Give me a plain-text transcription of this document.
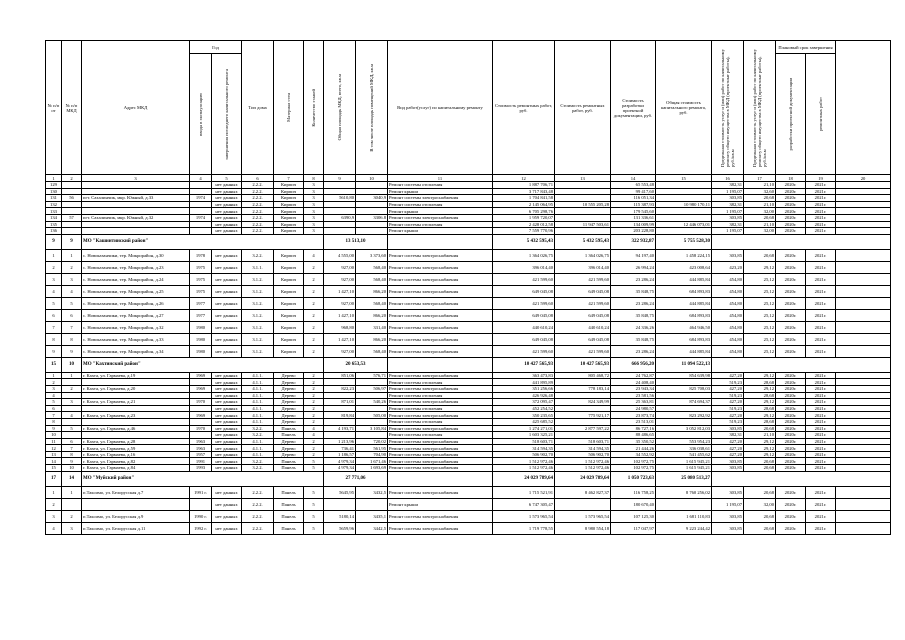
№ п/п от	№ п/п МКД	Адрес МКД	Год		Тип дома	Материал стен	Количество этажей	Общая площадь МКД, всего, кв.м	В том числе площадь помещений МКД, кв.м	Вид работ(услуг) по капитальному ремонту	Стоимость ремонтных работ, руб.	Стоимость ремонтных работ, руб.	Стоимость разработки проектной документации, руб.	Общая стоимость капитального ремонта, руб.	Предельная стоимость услуг и (или) работ по капитальному ремонту общего имущества в МКД (проектные работы), руб./кв.м	Предельная стоимость услуг и (или) работ по капитальному ремонту общего имущества в МКД (проектные работы), руб./кв.м	Плановый срок завершения		

			ввода в эксплуатацию	завершения последнего капитального ремонта													разработки проектной документации	ремонтных работ	

1	2	3	4	5	6	7	8	9	10	11	12	13	14	15	16	17	18	19	20
129				нет данных	2.2.2.	Кирпич	3			Ремонт системы отопления	1 887 706,71		65 553,48		382,31	21,10	2020г.	2021г.	
130				нет данных	2.2.2.	Кирпич	3			Ремонт крыши	3 717 843,48		99 417,60		1 195,07	32,60	2020г.	2021г.	
131	56	пгт. Сахалинчик, мкр. Южный, д.33	1974	нет данных	2.2.2.	Кирпич	3	5610,80	3040,9	Ремонт системы электроснабжения	1 704 841,58		116 051,34		303,85	20,68	2020г.	2021г.	
132				нет данных	2.2.2.	Кирпич	3			Ремонт системы отопления	2 145 064,95	10 555 205,28	115 387,93	10 980 170,11	382,31	21,10	2020г.	2021г.	
133				нет данных	2.2.2.	Кирпич	3			Ремонт крыши	6 705 298,76		179 545,60		1 195,07	32,00	2020г.	2021г.	
134	57	пгт. Сахалинчик, мкр. Южный, д.32	1974	нет данных	2.2.2.	Кирпич	3	6390,9	3306.8	Ремонт системы электроснабжения	1 959 720,07		131 336,61		303,85	20,68	2020г.	2021г.	
135				нет данных	2.2.2.	Кирпич	3			Ремонт системы отопления	2 428 012,58	11 947 503,61	134 009,99	12 446 073,01	382,31	21,10	2020г.	2021г.	
136				нет данных	2.2.2.	Кирпич	3			Ремонт крыши	7 559 770,96		203 228,80		1 195,07	32,00	2020г.	2021г.	
9	9	МО "Кашинтинский район"						13 513,10			5 432 595,43	5 432 595,43	322 932,87	5 755 528,30					
1	1	с. Новоказанчики, тер. Микрорайон, д.30	1978	нет данных	3.2.2.	Кирпич	4	4 555,00	3 373,60	Ремонт системы электроснабжения	1 364 026,75	1 364 026,75	94 197,40	1 458 224,15	303,85	20,68	2020г.	2021г.	
2	2	с. Новоказанчики, тер. Микрорайон, д.23	1975	нет данных	3.1.1.	Кирпич	2	927,00	568,40	Ремонт системы электроснабжения	396 014,40	396 014,40	26 994,24	423 008,64	423,20	29,12	2020г.	2021г.	
3	3	с. Новоказанчики, тер. Микрорайон, д.24	1975	нет данных	3.1.2.	Кирпич	2	927,00	568,40	Ремонт системы электроснабжения	421 599,60	421 599,60	23 286,24	444 885,84	454,80	25,12	2020г.	2021г.	
4	4	с. Новоказанчики, тер. Микрорайон, д.25	1975	нет данных	3.1.2.	Кирпич	2	1 427,10	866,20	Ремонт системы электроснабжения	649 045,08	649 045,08	35 848,75	684 893,83	454,80	25,12	2020г.	2021г.	
5	5	с. Новоказанчики, тер. Микрорайон, д.26	1977	нет данных	3.1.2.	Кирпич	2	927,00	568,40	Ремонт системы электроснабжения	421 599,60	421 599,60	23 286,24	444 885,84	454,80	25,12	2020г.	2021г.	
6	6	с. Новоказанчики, тер. Микрорайон, д.27	1977	нет данных	3.1.2.	Кирпич	2	1 427,10	866,20	Ремонт системы электроснабжения	649 045,08	649 045,08	35 848,75	684 893,83	454,80	25,12	2020г.	2021г.	
7	7	с. Новоказанчики, тер. Микрорайон, д.32	1980	нет данных	3.1.2.	Кирпич	2	968,80	331,40	Ремонт системы электроснабжения	440 610,24	440 610,24	24 336,26	464 946,50	454,80	25,12	2020г.	2021г.	
8	8	с. Новоказанчики, тер. Микрорайон, д.33	1980	нет данных	3.1.2.	Кирпич	2	1 427,10	866,20	Ремонт системы электроснабжения	649 045,08	649 045,08	35 848,75	684 893,83	454,80	25,12	2020г.	2021г.	
9	9	с. Новоказанчики, тер. Микрорайон, д.34	1980	нет данных	3.1.2.	Кирпич	2	927,00	568,40	Ремонт системы электроснабжения	421 599,60	421 599,60	23 286,24	444 885,84	454,80	25,12	2020г.	2021г.	
15	10	МО "Кахтинский район"						20 653,53			10 427 565,93	10 427 565,93	666 956,20	11 094 522,13					
1	1	г. Кахта, ул. Гармаева, д.19	1969	нет данных	4.1.1.	Дерево	2	851,06	576,71	Ремонт системы электроснабжения	363 473,83	805 468,72	24 762,87	854 639,98	427,20	29,12	2020г.	2021г.	
2				нет данных	4.1.1.	Дерево	2			Ремонт системы отопления	441 895,89		24 408,40		519,23	28,68	2020г.	2021г.	
3	2	г. Кахта, ул. Гармаева, д.20	1969	нет данных	4.1.1.	Дерево	2	822,23	506,97	Ремонт системы электроснабжения	351 256,66	778 183,14	23 943,34	825 708,03	427,20	29,12	2020г.	2021г.	
4				нет данных	4.1.1.	Дерево	2			Ремонт системы отопления	426 926,48		23 581,56		519,23	28,68	2020г.	2021г.	
5	3	г. Кахта, ул. Гармаева, д.21	1970	нет данных	4.1.1.	Дерево	2	871,01	540,26	Ремонт системы электроснабжения	372 095,47	824 349,99	25 363,81	874 694,37	427,20	29,12	2020г.	2021г.	
6				нет данных	4.1.1.	Дерево	2			Ремонт системы отопления	452 254,52		24 980,57		519,23	28,68	2020г.	2021г.	
7	4	г. Кахта, ул. Гармаева, д.23	1969	нет данных	4.1.1.	Дерево	2	819,84	505,00	Ремонт системы электроснабжения	350 235,65	775 921,17	23 873,74	823 292,92	427,20	29,12	2020г.	2021г.	
8				нет данных	4.1.1.	Дерево	2			Ремонт системы отопления	425 685,52		23 513,01		519,23	28,68	2020г.	2021г.	
9	5	г. Кахта, ул. Гармаева, д.46	1970	нет данных	3.2.2.	Панель	4	4 193,71	3 105,84	Ремонт системы электроснабжения	1 274 271,01	2 877 597,22	86 727,16	3 052 812,03	303,85	20,68	2020г.	2021г.	
10				нет данных	3.2.2.	Панель	4			Ремонт системы отопления	1 603 325,21		88 486,65		382,31	21,10	2020г.	2021г.	
11	6	г. Кахта, ул. Гармаева, д.28	1963	нет данных	4.1.1.	Дерево	2	1 213,96	720,02	Ремонт системы электроснабжения	518 603,71	518 603,71	35 350,52	553 954,23	427,20	29,12	2020г.	2021г.	
12	7	г. Кахта, ул. Гармаева, д.59	1963	нет данных	4.1.1.	Дерево	2	736,41	561,95	Ремонт системы электроснабжения	314 594,35	314 594,35	21 444,26	336 038,61	427,20	29,12	2020г.	2021г.	
13	8	г. Кахта, ул. Гармаева, д.16	1957	нет данных	4.1.1.	Дерево	2	1 186,57	704,90	Ремонт системы электроснабжения	506 902,70	506 902,70	34 552,92	541 455,62	427,20	29,12	2020г.	2021г.	
14	9	г. Кахта, ул. Гармаева, д.82	1991	нет данных	3.2.2.	Панель	5	4 979,34	1 671,46	Ремонт системы электроснабжения	1 512 972,46	1 512 972,46	102 972,75	1 615 945,21	303,85	20,68	2020г.	2021г.	
15	10	г. Кахта, ул. Гармаева, д.84	1993	нет данных	3.2.2.	Панель	5	4 979,34	1 693,69	Ремонт системы электроснабжения	1 512 972,46	1 512 972,46	102 972,75	1 615 945,21	303,85	20,68	2020г.	2021г.	
17	14	МО "Муйский район"						27 771,06			24 029 789,64	24 029 789,64	1 050 723,63	25 080 513,27					
1	1	п.Таксимо, ул. Белорусская д.7	1991 г.	нет данных	2.2.2.	Панель	5	5645,95	3432,5	Ремонт системы электроснабжения	1 715 521,91	8 462 827,37	116 758,25	8 760 256,02	303,85	20,68	2020г.	2021г.	
2				нет данных	2.2.2.	Панель	5			Ремонт крыши	6 747 305,47		180 670,40		1 195,07	32,00	2020г.	2021г.	
3	2	п.Таксимо, ул. Белорусская д.9	1990 г.	нет данных	2.2.2.	Панель	5	5180,14	3435,1	Ремонт системы электроснабжения	1 573 965,54	1 573 965,54	107 125,30	1 681 110,83	303,85	20,68	2020г.	2021г.	
4	3	п.Таксимо, ул. Белорусская д.11	1992 г.	нет данных	2.2.2.	Панель	5	5659,96	3442,5	Ремонт системы электроснабжения	1 719 778,55	8 980 554,18	117 047,97	9 223 244,42	303,85	20,68	2020г.	2021г.	
